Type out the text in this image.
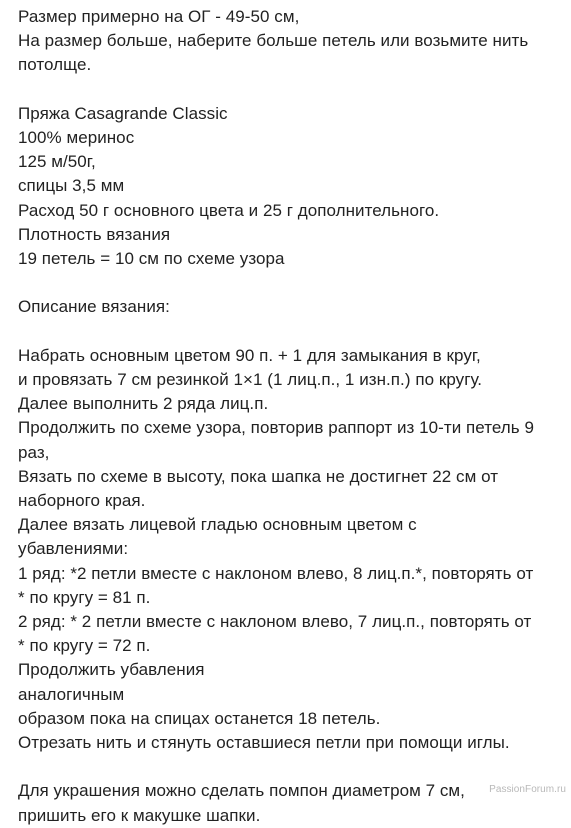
Размер примерно на ОГ - 49-50 см,
На размер больше, наберите больше петель или возьмите нить
потолще.
Пряжа Casagrande Classic
100% меринос
125 м/50г,
спицы 3,5 мм
Расход 50 г основного цвета и 25 г дополнительного.
Плотность вязания
19 петель = 10 см по схеме узора
Описание вязания:
Набрать основным цветом 90 п. + 1 для замыкания в круг,
и провязать 7 см резинкой 1×1 (1 лиц.п., 1 изн.п.) по кругу.
Далее выполнить 2 ряда лиц.п.
Продолжить по схеме узора, повторив раппорт из 10-ти петель 9
раз,
Вязать по схеме в высоту, пока шапка не достигнет 22 см от
наборного края.
Далее вязать лицевой гладью основным цветом с
убавлениями:
1 ряд: *2 петли вместе с наклоном влево, 8 лиц.п.*, повторять от
* по кругу = 81 п.
2 ряд: * 2 петли вместе с наклоном влево, 7 лиц.п., повторять от
* по кругу = 72 п.
Продолжить убавления
аналогичным
образом пока на спицах останется 18 петель.
Отрезать нить и стянуть оставшиеся петли при помощи иглы.
Для украшения можно сделать помпон диаметром 7 см,
пришить его к макушке шапки.
PassionForum.ru
